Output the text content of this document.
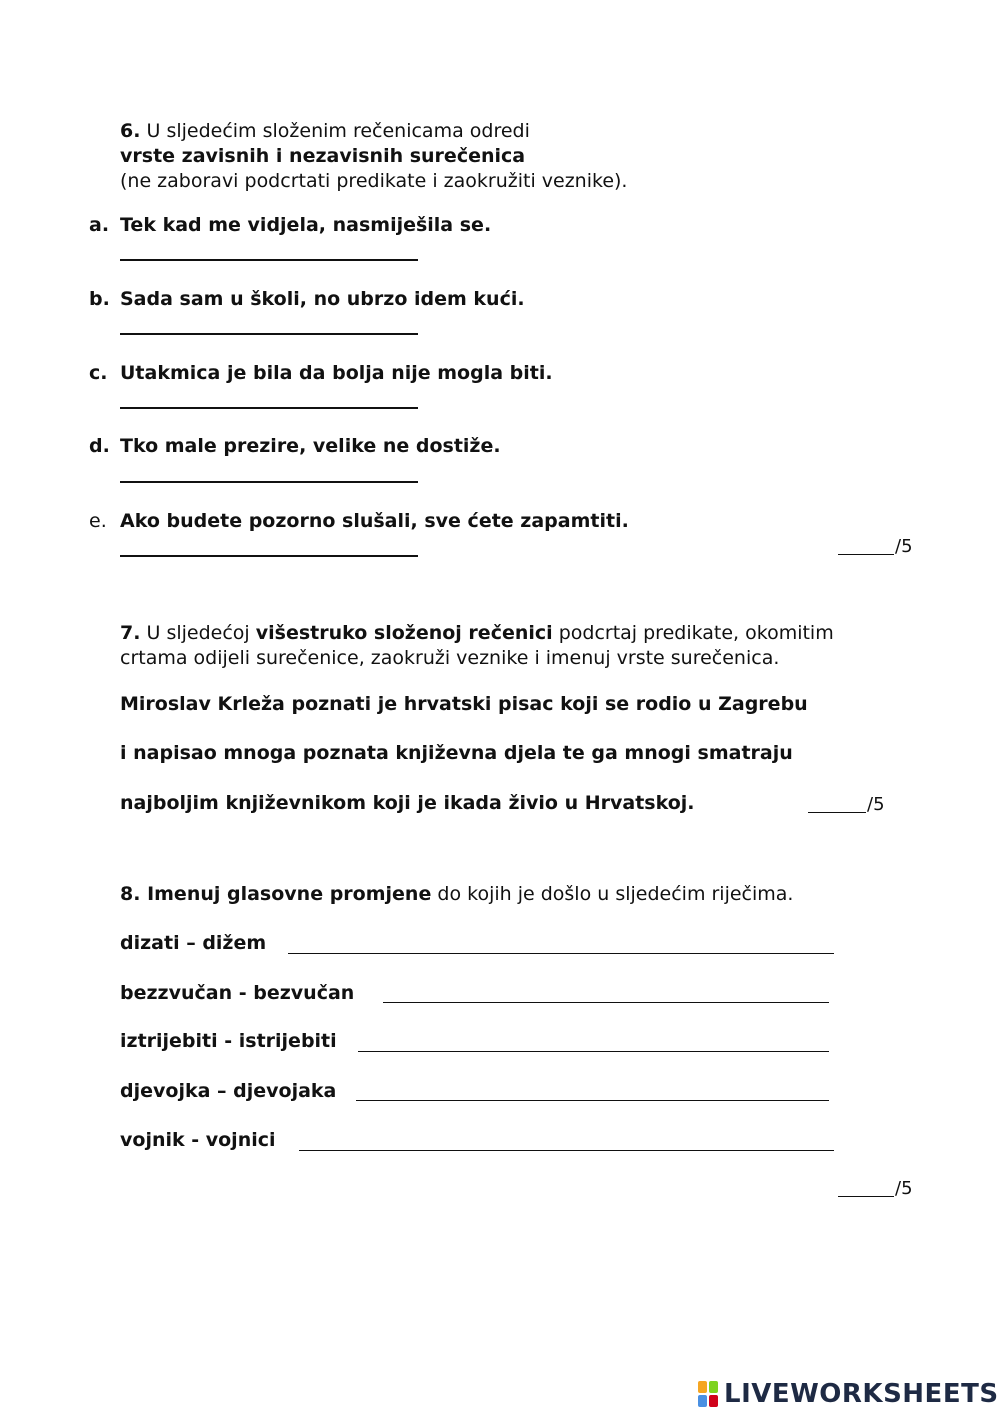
6. U sljedećim složenim rečenicama odredi
vrste zavisnih i nezavisnih surečenica
(ne zaboravi podcrtati predikate i zaokružiti veznike).
a. Tek kad me vidjela, nasmiješila se.
b. Sada sam u školi, no ubrzo idem kući.
c. Utakmica je bila da bolja nije mogla biti.
d. Tko male prezire, velike ne dostiže.
e. Ako budete pozorno slušali, sve ćete zapamtiti.
/5
7. U sljedećoj višestruko složenoj rečenici podcrtaj predikate, okomitim
crtama odijeli surečenice, zaokruži veznike i imenuj vrste surečenica.
Miroslav Krleža poznati je hrvatski pisac koji se rodio u Zagrebu
i napisao mnoga poznata književna djela te ga mnogi smatraju
najboljim književnikom koji je ikada živio u Hrvatskoj.	/5
8. Imenuj glasovne promjene do kojih je došlo u sljedećim riječima.
dizati – dižem
bezzvučan - bezvučan
iztrijebiti - istrijebiti
djevojka – djevojaka
vojnik - vojnici
/5
LIVEWORKSHEETS
